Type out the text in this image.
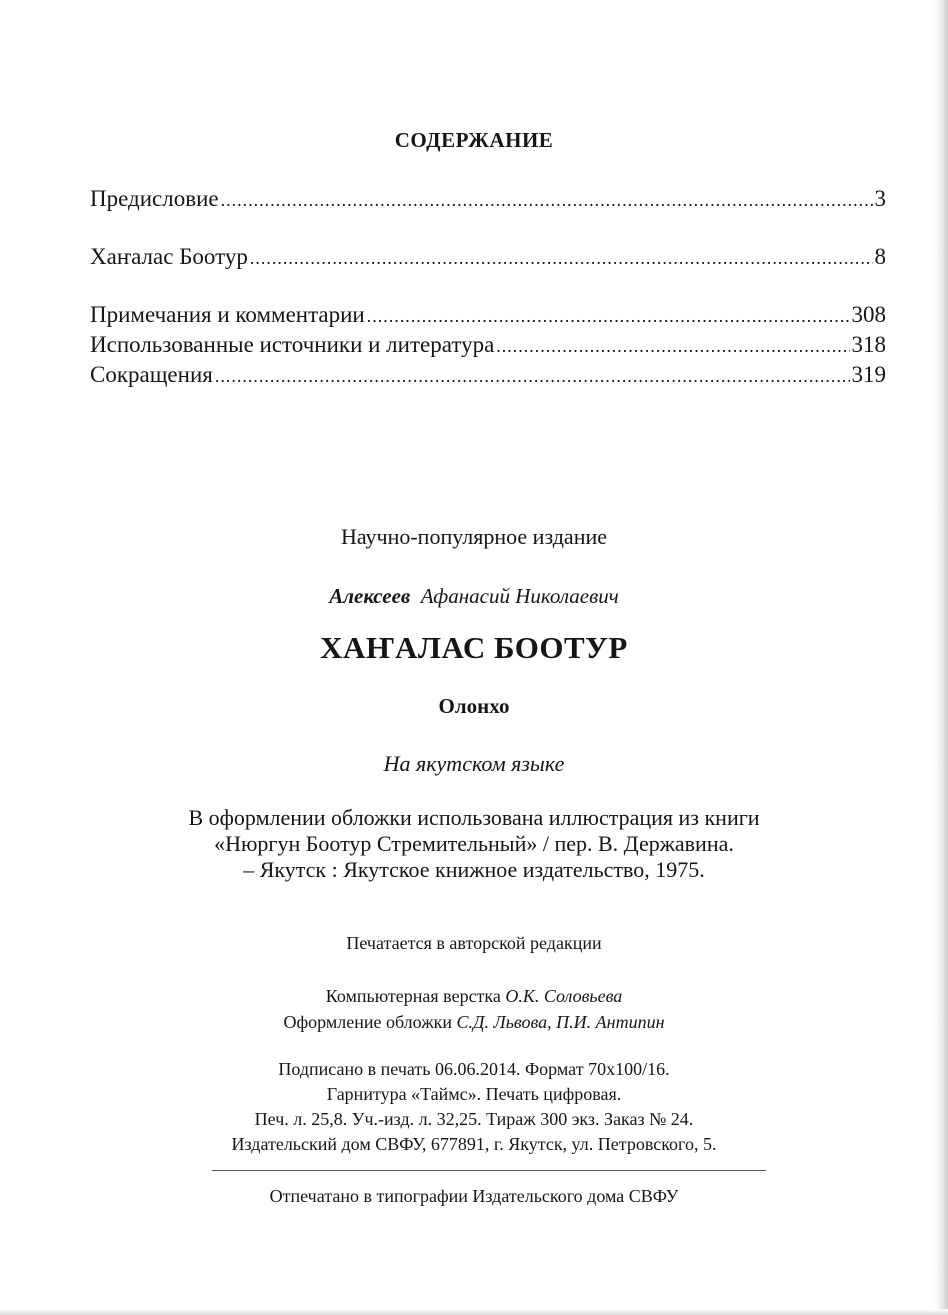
СОДЕРЖАНИЕ
Предисловие .....	3
Хаҥалас Боотур .....	8
Примечания и комментарии .....	308
Использованные источники и литература .....	318
Сокращения .....	319
Научно-популярное издание
Алексеев Афанасий Николаевич
ХАҤАЛАС БООТУР
Олонхо
На якутском языке
В оформлении обложки использована иллюстрация из книги
«Нюргун Боотур Стремительный» / пер. В. Державина.
– Якутск : Якутское книжное издательство, 1975.
Печатается в авторской редакции
Компьютерная верстка О.К. Соловьева
Оформление обложки С.Д. Львова, П.И. Антипин
Подписано в печать 06.06.2014. Формат 70х100/16.
Гарнитура «Таймс». Печать цифровая.
Печ. л. 25,8. Уч.-изд. л. 32,25. Тираж 300 экз. Заказ № 24.
Издательский дом СВФУ, 677891, г. Якутск, ул. Петровского, 5.
Отпечатано в типографии Издательского дома СВФУ
